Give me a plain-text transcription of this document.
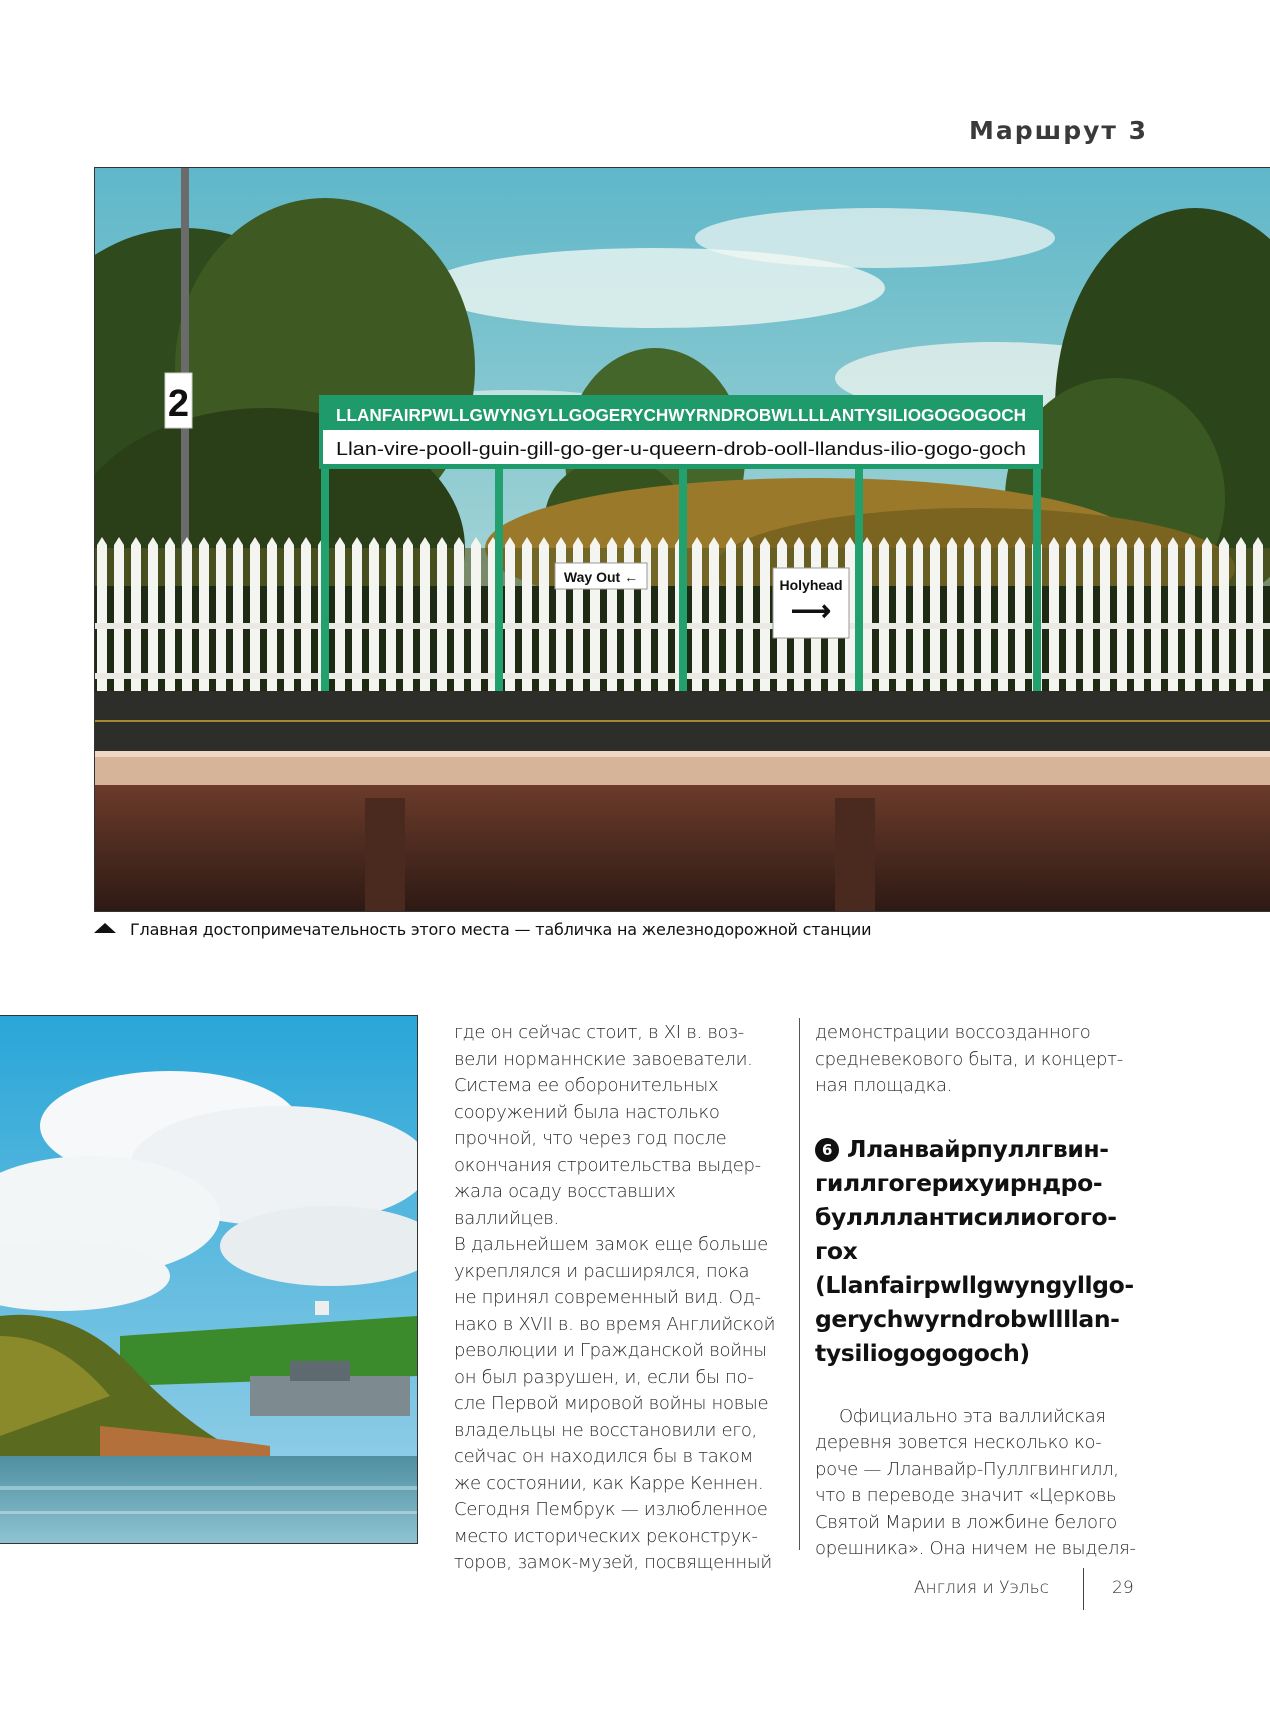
Маршрут 3
2
Way Out ←	Holyhead
⟶
LLANFAIRPWLLGWYNGYLLGOGERYCHWYRNDROBWLLLLANTYSILIOGOGOGOCH
Llan-vire-pooll-guin-gill-go-ger-u-queern-drob-ooll-llandus-ilio-gogo-goch
Главная достопримечательность этого места — табличка на железнодорожной станции

где он сейчас стоит, в XI в. воз-
вели норманнские завоеватели.
Система ее оборонительных
сооружений была настолько
прочной, что через год после
окончания строительства выдер-
жала осаду восставших валлийцев.
В дальнейшем замок еще больше
укреплялся и расширялся, пока
не принял современный вид. Од-
нако в XVII в. во время Английской
революции и Гражданской войны
он был разрушен, и, если бы по-
сле Первой мировой войны новые
владельцы не восстановили его,
сейчас он находился бы в таком
же состоянии, как Карре Кеннен.
Сегодня Пембрук — излюбленное
место исторических реконструк-
торов, замок-музей, посвященный

демонстрации воссозданного
средневекового быта, и концерт-
ная площадка.

6 Лланвайрпуллгвин-
гиллгогерихуирндро-
буллллантисилиогого-
гох
(Llanfairpwllgwyngyllgo-
gerychwyrndrobwllllan-
tysiliogogogoch)

Официально эта валлийская
деревня зовется несколько ко-
роче — Лланвайр-Пуллгвингилл,
что в переводе значит «Церковь
Святой Марии в ложбине белого
орешника». Она ничем не выделя-

Англия и Уэльс	29
